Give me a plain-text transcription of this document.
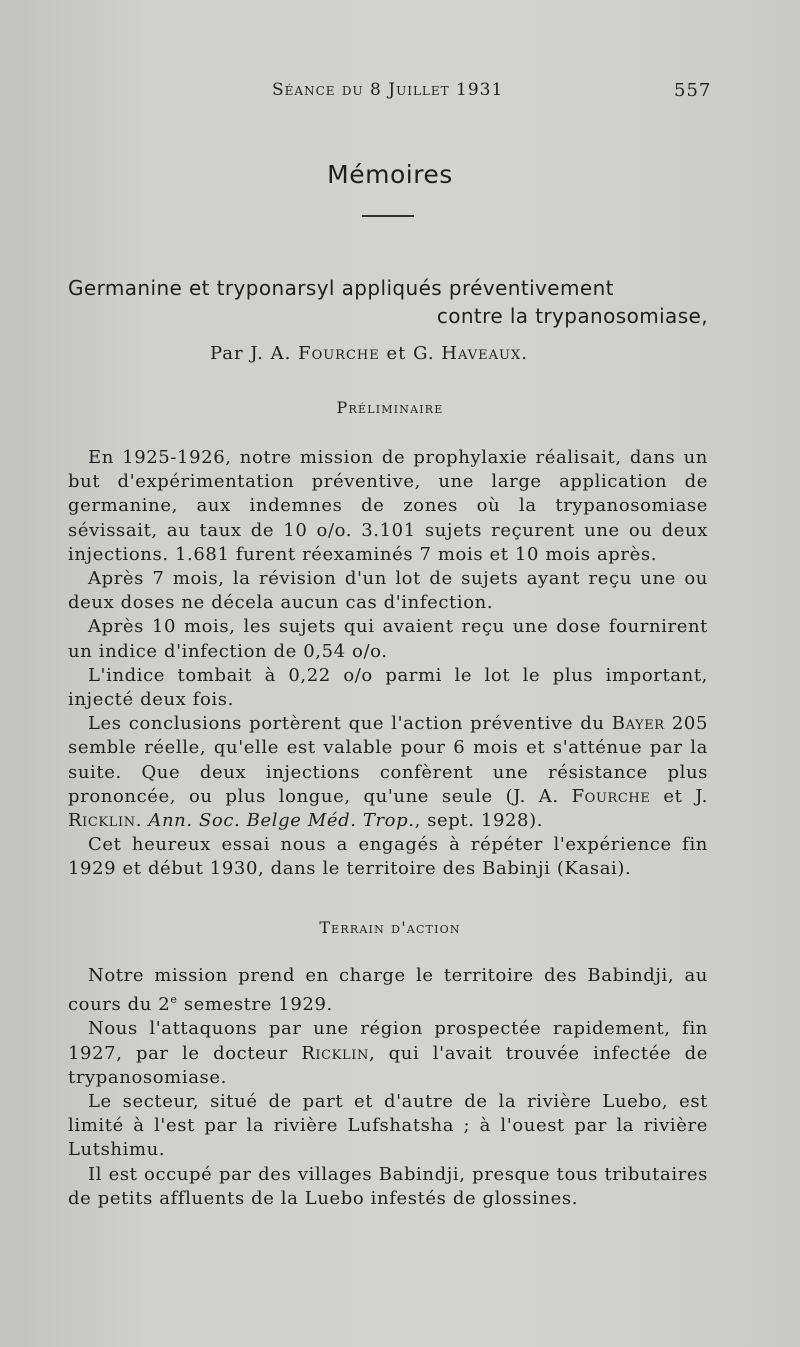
Séance du 8 Juillet 1931	557
Mémoires
Germanine et tryponarsyl appliqués préventivement
contre la trypanosomiase,
Par J. A. Fourche et G. Haveaux.
Préliminaire

En 1925-1926, notre mission de prophylaxie réalisait, dans un but d'expérimentation préventive, une large application de germanine, aux indemnes de zones où la trypanosomiase sévissait, au taux de 10 o/o. 3.101 sujets reçurent une ou deux injections. 1.681 furent réexaminés 7 mois et 10 mois après.

Après 7 mois, la révision d'un lot de sujets ayant reçu une ou deux doses ne décela aucun cas d'infection.

Après 10 mois, les sujets qui avaient reçu une dose fournirent un indice d'infection de 0,54 o/o.

L'indice tombait à 0,22 o/o parmi le lot le plus important, injecté deux fois.

Les conclusions portèrent que l'action préventive du Bayer 205 semble réelle, qu'elle est valable pour 6 mois et s'atténue par la suite. Que deux injections confèrent une résistance plus prononcée, ou plus longue, qu'une seule (J. A. Fourche et J. Ricklin. Ann. Soc. Belge Méd. Trop., sept. 1928).

Cet heureux essai nous a engagés à répéter l'expérience fin 1929 et début 1930, dans le territoire des Babinji (Kasai).

Terrain d'action

Notre mission prend en charge le territoire des Babindji, au cours du 2e semestre 1929.

Nous l'attaquons par une région prospectée rapidement, fin 1927, par le docteur Ricklin, qui l'avait trouvée infectée de trypanosomiase.

Le secteur, situé de part et d'autre de la rivière Luebo, est limité à l'est par la rivière Lufshatsha ; à l'ouest par la rivière Lutshimu.

Il est occupé par des villages Babindji, presque tous tributaires de petits affluents de la Luebo infestés de glossines.
